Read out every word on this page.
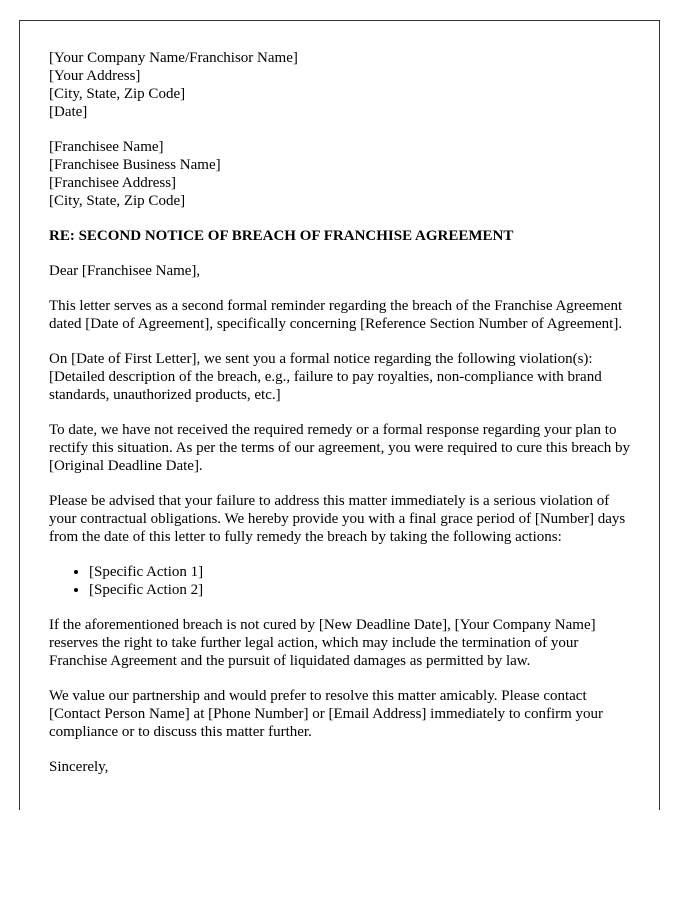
[Your Company Name/Franchisor Name]
[Your Address]
[City, State, Zip Code]
[Date]
[Franchisee Name]
[Franchisee Business Name]
[Franchisee Address]
[City, State, Zip Code]
RE: SECOND NOTICE OF BREACH OF FRANCHISE AGREEMENT

Dear [Franchisee Name],

This letter serves as a second formal reminder regarding the breach of the Franchise Agreement dated [Date of Agreement], specifically concerning [Reference Section Number of Agreement].

On [Date of First Letter], we sent you a formal notice regarding the following violation(s): [Detailed description of the breach, e.g., failure to pay royalties, non-compliance with brand standards, unauthorized products, etc.]

To date, we have not received the required remedy or a formal response regarding your plan to rectify this situation. As per the terms of our agreement, you were required to cure this breach by [Original Deadline Date].

Please be advised that your failure to address this matter immediately is a serious violation of your contractual obligations. We hereby provide you with a final grace period of [Number] days from the date of this letter to fully remedy the breach by taking the following actions:

• [Specific Action 1]
• [Specific Action 2]

If the aforementioned breach is not cured by [New Deadline Date], [Your Company Name] reserves the right to take further legal action, which may include the termination of your Franchise Agreement and the pursuit of liquidated damages as permitted by law.

We value our partnership and would prefer to resolve this matter amicably. Please contact [Contact Person Name] at [Phone Number] or [Email Address] immediately to confirm your compliance or to discuss this matter further.

Sincerely,
